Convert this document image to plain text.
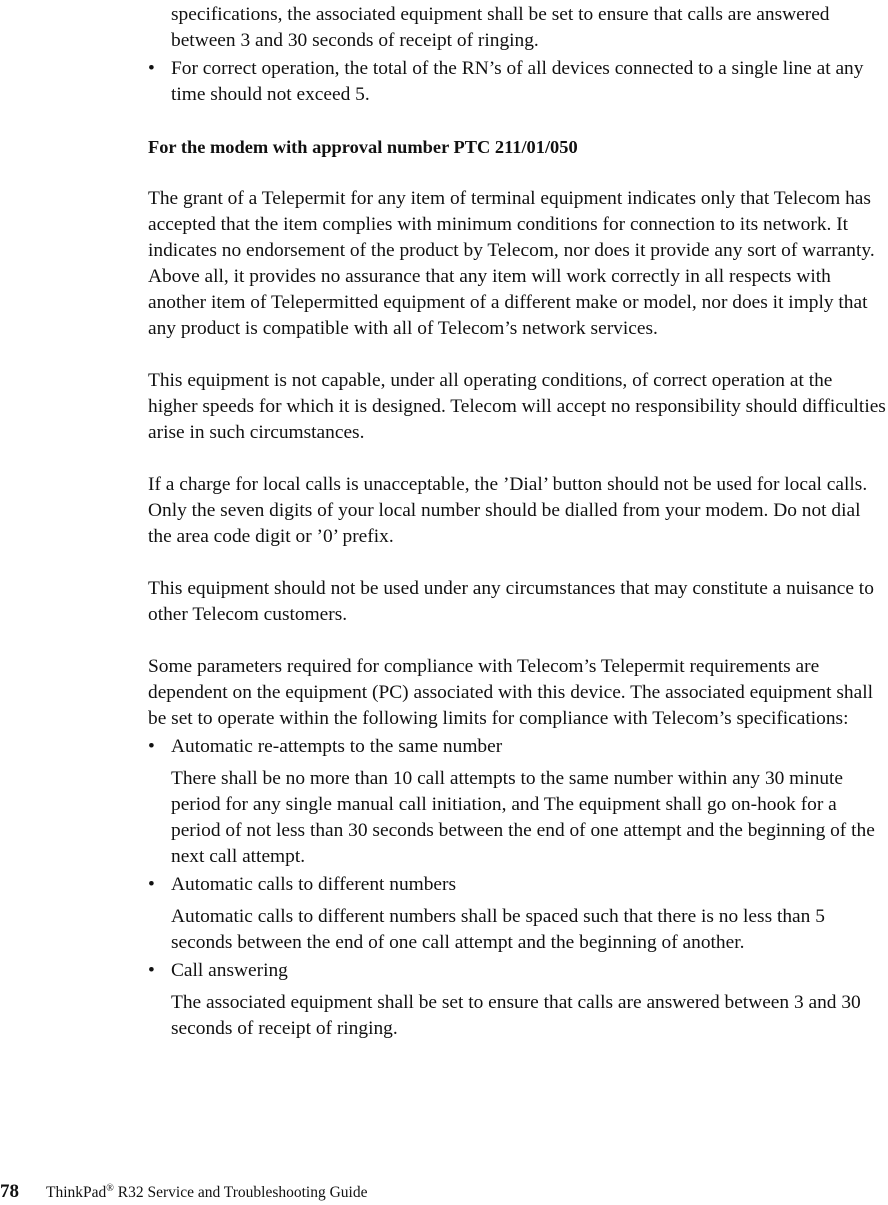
specifications, the associated equipment shall be set to ensure that calls are answered between 3 and 30 seconds of receipt of ringing.

• For correct operation, the total of the RN’s of all devices connected to a single line at any time should not exceed 5.

For the modem with approval number PTC 211/01/050

The grant of a Telepermit for any item of terminal equipment indicates only that Telecom has accepted that the item complies with minimum conditions for connection to its network. It indicates no endorsement of the product by Telecom, nor does it provide any sort of warranty. Above all, it provides no assurance that any item will work correctly in all respects with another item of Telepermitted equipment of a different make or model, nor does it imply that any product is compatible with all of Telecom’s network services.

This equipment is not capable, under all operating conditions, of correct operation at the higher speeds for which it is designed. Telecom will accept no responsibility should difficulties arise in such circumstances.

If a charge for local calls is unacceptable, the ’Dial’ button should not be used for local calls. Only the seven digits of your local number should be dialled from your modem. Do not dial the area code digit or ’0’ prefix.

This equipment should not be used under any circumstances that may constitute a nuisance to other Telecom customers.

Some parameters required for compliance with Telecom’s Telepermit requirements are dependent on the equipment (PC) associated with this device. The associated equipment shall be set to operate within the following limits for compliance with Telecom’s specifications:

• Automatic re-attempts to the same number

There shall be no more than 10 call attempts to the same number within any 30 minute period for any single manual call initiation, and The equipment shall go on-hook for a period of not less than 30 seconds between the end of one attempt and the beginning of the next call attempt.

• Automatic calls to different numbers

Automatic calls to different numbers shall be spaced such that there is no less than 5 seconds between the end of one call attempt and the beginning of another.

• Call answering

The associated equipment shall be set to ensure that calls are answered between 3 and 30 seconds of receipt of ringing.

78 ThinkPad® R32 Service and Troubleshooting Guide
